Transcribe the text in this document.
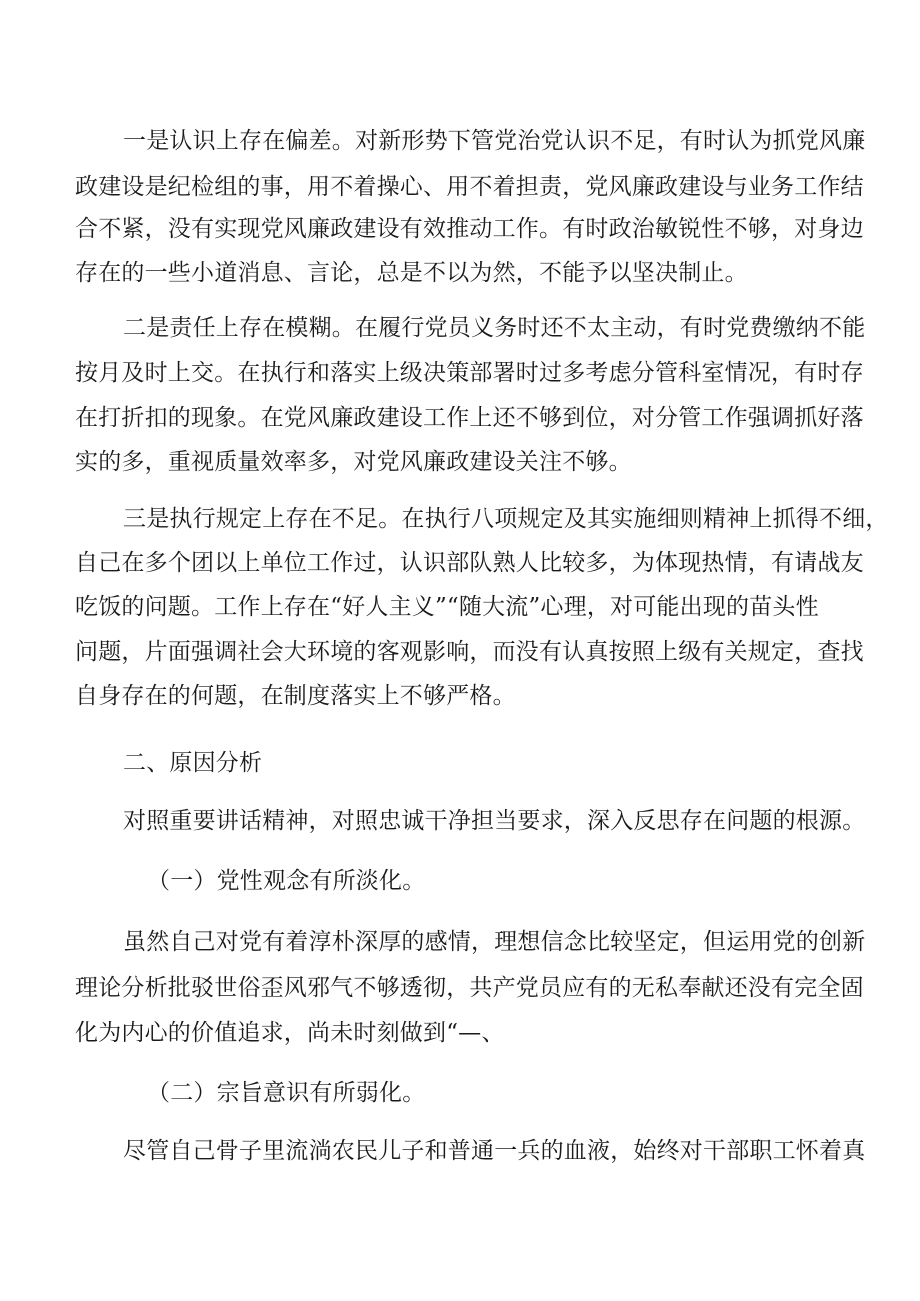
一是认识上存在偏差。对新形势下管党治党认识不足，有时认为抓党风廉
政建设是纪检组的事，用不着操心、用不着担责，党风廉政建设与业务工作结
合不紧，没有实现党风廉政建设有效推动工作。有时政治敏锐性不够，对身边
存在的一些小道消息、言论，总是不以为然，不能予以坚决制止。
二是责任上存在模糊。在履行党员义务时还不太主动，有时党费缴纳不能
按月及时上交。在执行和落实上级决策部署时过多考虑分管科室情况，有时存
在打折扣的现象。在党风廉政建设工作上还不够到位，对分管工作强调抓好落
实的多，重视质量效率多，对党风廉政建设关注不够。
三是执行规定上存在不足。在执行八项规定及其实施细则精神上抓得不细，
自己在多个团以上单位工作过，认识部队熟人比较多，为体现热情，有请战友
吃饭的问题。工作上存在“好人主义”“随大流”心理，对可能出现的苗头性
问题，片面强调社会大环境的客观影响，而没有认真按照上级有关规定，查找
自身存在的何题，在制度落实上不够严格。
二、原因分析
对照重要讲话精神，对照忠诚干净担当要求，深入反思存在问题的根源。
（一）党性观念有所淡化。
虽然自己对党有着淳朴深厚的感情，理想信念比较坚定，但运用党的创新
理论分析批驳世俗歪风邪气不够透彻，共产党员应有的无私奉献还没有完全固
化为内心的价值追求，尚未时刻做到“—、
（二）宗旨意识有所弱化。
尽管自己骨子里流淌农民儿子和普通一兵的血液，始终对干部职工怀着真
